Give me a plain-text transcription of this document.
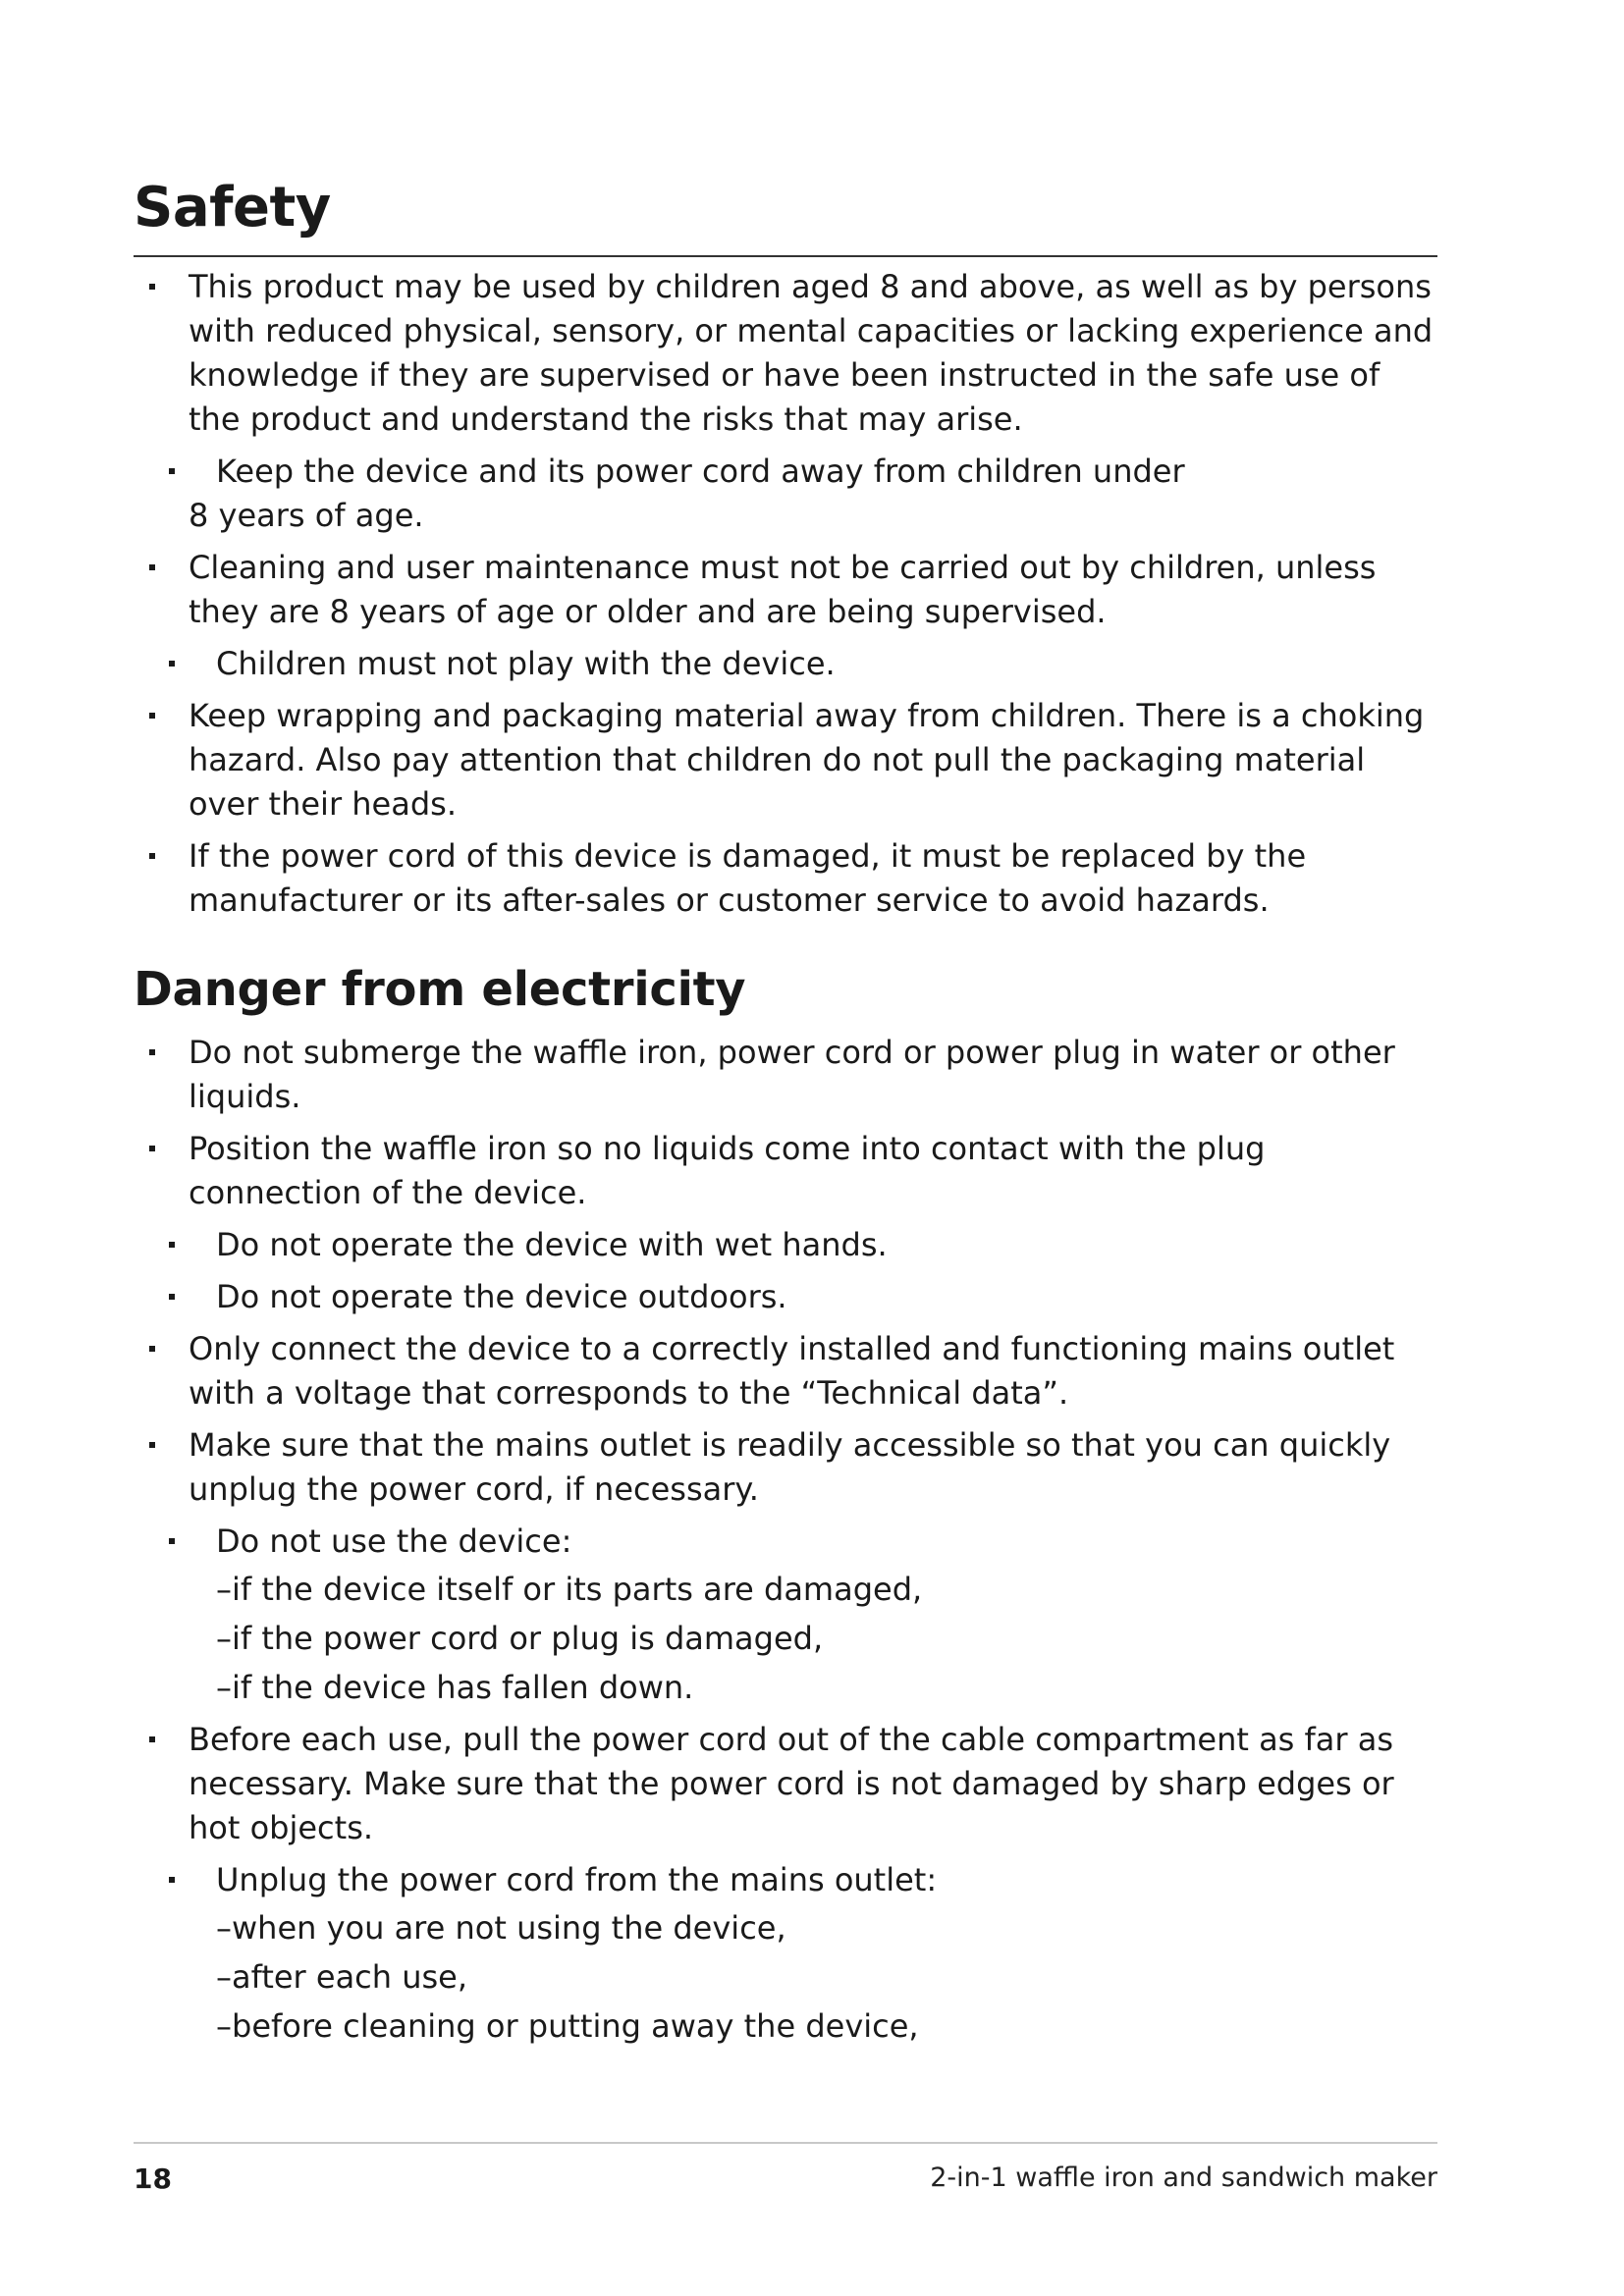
Safety
This product may be used by children aged 8 and above, as well as by persons with reduced physical, sensory, or mental capacities or lacking experience and knowledge if they are supervised or have been instructed in the safe use of the product and understand the risks that may arise.
Keep the device and its power cord away from children under
8 years of age.
Cleaning and user maintenance must not be carried out by children, unless they are 8 years of age or older and are being supervised.
Children must not play with the device.
Keep wrapping and packaging material away from children. There is a choking hazard. Also pay attention that children do not pull the packaging material over their heads.
If the power cord of this device is damaged, it must be replaced by the manufacturer or its after-sales or customer service to avoid hazards.
Danger from electricity
Do not submerge the waffle iron, power cord or power plug in water or other liquids.
Position the waffle iron so no liquids come into contact with the plug connection of the device.
Do not operate the device with wet hands.
Do not operate the device outdoors.
Only connect the device to a correctly installed and functioning mains outlet with a voltage that corresponds to the “Technical data”.
Make sure that the mains outlet is readily accessible so that you can quickly unplug the power cord, if necessary.
Do not use the device:
–if the device itself or its parts are damaged,
–if the power cord or plug is damaged,
–if the device has fallen down.
Before each use, pull the power cord out of the cable compartment as far as necessary. Make sure that the power cord is not damaged by sharp edges or hot objects.
Unplug the power cord from the mains outlet:
–when you are not using the device,
–after each use,
–before cleaning or putting away the device,
18	2-in-1 waffle iron and sandwich maker
